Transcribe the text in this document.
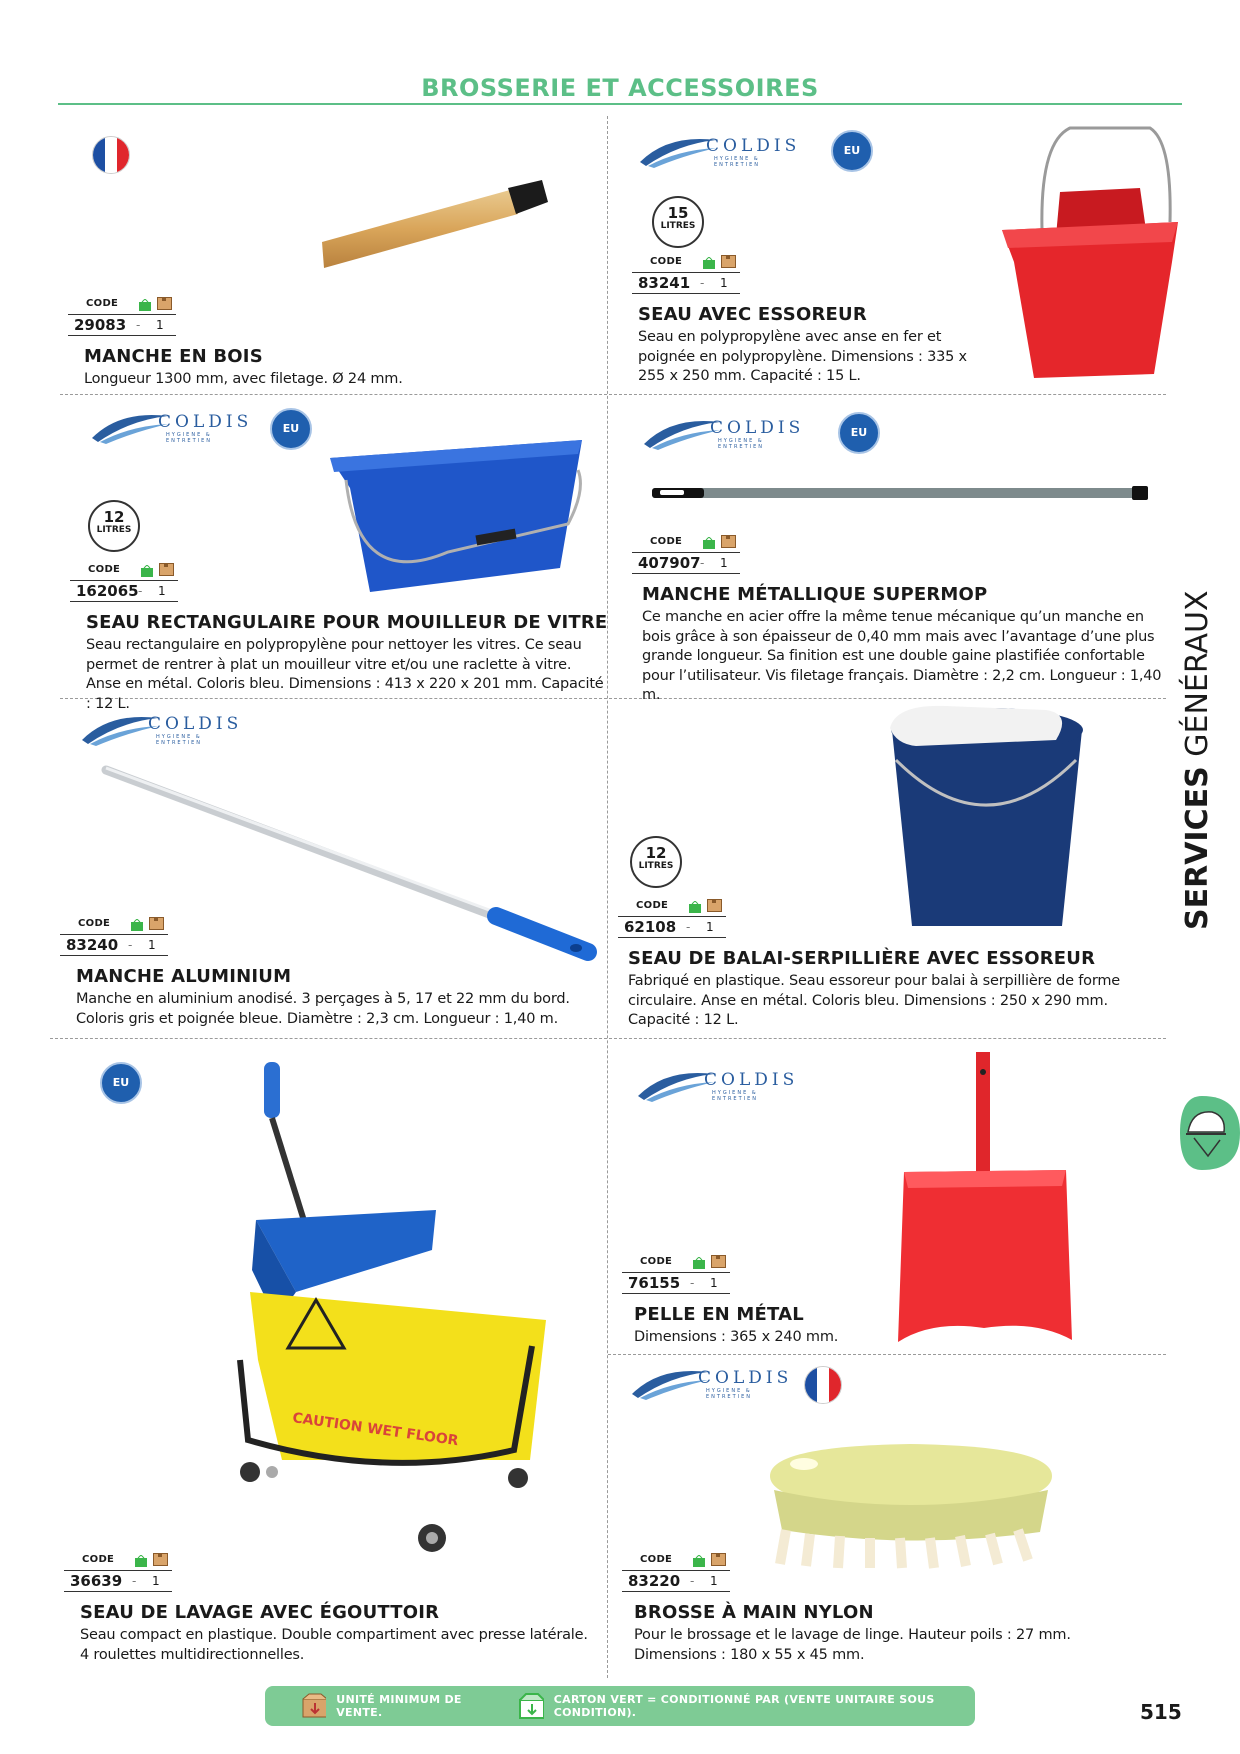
BROSSERIE ET ACCESSOIRES
CODE
29083 -	1
MANCHE EN BOIS
Longueur 1300 mm, avec filetage. Ø 24 mm.
COLDIS
HYGIENE & ENTRETIEN
EU
15
LITRES
CODE
83241 -	1
SEAU AVEC ESSOREUR
Seau en polypropylène avec anse en fer et poignée en polypropylène. Dimensions : 335 x 255 x 250 mm. Capacité : 15 L.
COLDIS
HYGIENE & ENTRETIEN
EU
12
LITRES
CODE
162065 -	1
SEAU RECTANGULAIRE POUR MOUILLEUR DE VITRE
Seau rectangulaire en polypropylène pour nettoyer les vitres. Ce seau permet de rentrer à plat un mouilleur vitre et/ou une raclette à vitre. Anse en métal. Coloris bleu. Dimensions : 413 x 220 x 201 mm. Capacité : 12 L.
COLDIS
HYGIENE & ENTRETIEN
EU
CODE
407907 -	1
MANCHE MÉTALLIQUE SUPERMOP
Ce manche en acier offre la même tenue mécanique qu’un manche en bois grâce à son épaisseur de 0,40 mm mais avec l’avantage d’une plus grande longueur. Sa finition est une double gaine plastifiée confortable pour l’utilisateur. Vis filetage français. Diamètre : 2,2 cm. Longueur : 1,40 m.
COLDIS
HYGIENE & ENTRETIEN
CODE
83240 -	1
MANCHE ALUMINIUM
Manche en aluminium anodisé. 3 perçages à 5, 17 et 22 mm du bord. Coloris gris et poignée bleue. Diamètre : 2,3 cm. Longueur : 1,40 m.
12
LITRES
CODE
62108 -	1
SEAU DE BALAI-SERPILLIÈRE AVEC ESSOREUR
Fabriqué en plastique. Seau essoreur pour balai à serpillière de forme circulaire. Anse en métal. Coloris bleu. Dimensions : 250 x 290 mm. Capacité : 12 L.
COLDIS
HYGIENE & ENTRETIEN
CODE
76155 -	1
PELLE EN MÉTAL
Dimensions : 365 x 240 mm.
EU
CAUTION WET FLOOR
CODE
36639 -	1
SEAU DE LAVAGE AVEC ÉGOUTTOIR
Seau compact en plastique. Double compartiment avec presse latérale. 4 roulettes multidirectionnelles.
COLDIS
HYGIENE & ENTRETIEN
CODE
83220 -	1
BROSSE À MAIN NYLON
Pour le brossage et le lavage de linge. Hauteur poils : 27 mm. Dimensions : 180 x 55 x 45 mm.
SERVICES GÉNÉRAUX
UNITÉ MINIMUM DE VENTE.
CARTON VERT = CONDITIONNÉ PAR (VENTE UNITAIRE SOUS CONDITION).	515
